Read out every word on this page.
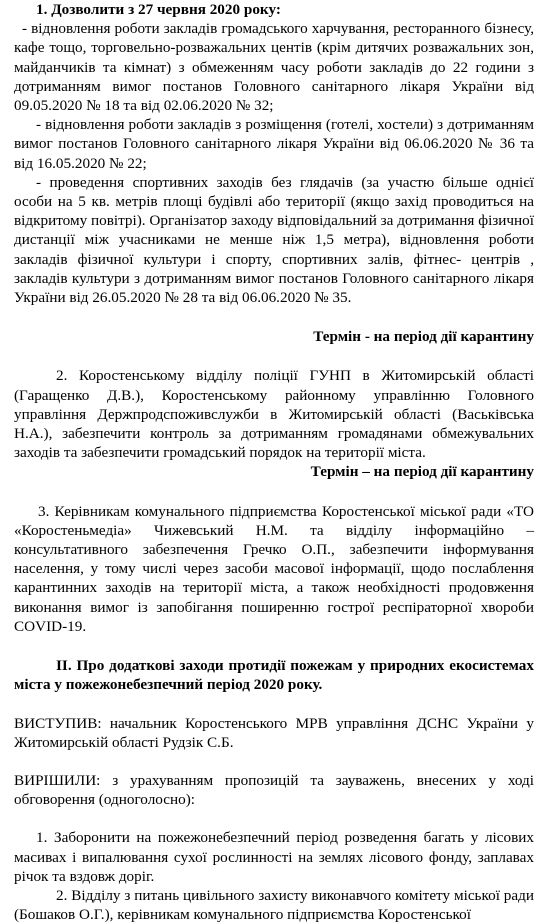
1. Дозволити з 27 червня 2020 року:

- відновлення роботи закладів громадського харчування, ресторанного бізнесу, кафе тощо, торговельно-розважальних центів (крім дитячих розважальних зон, майданчиків та кімнат) з обмеженням часу роботи закладів до 22 години з дотриманням вимог постанов Головного санітарного лікаря України від 09.05.2020 № 18 та від 02.06.2020 № 32;

- відновлення роботи закладів з розміщення (готелі, хостели) з дотриманням вимог постанов Головного санітарного лікаря України від 06.06.2020 № 36 та від 16.05.2020 № 22;

- проведення спортивних заходів без глядачів (за участю більше однієї особи на 5 кв. метрів площі будівлі або території (якщо захід проводиться на відкритому повітрі). Організатор заходу відповідальний за дотримання фізичної дистанції між учасниками не менше ніж 1,5 метра), відновлення роботи закладів фізичної культури і спорту, спортивних залів, фітнес- центрів , закладів культури з дотриманням вимог постанов Головного санітарного лікаря України від 26.05.2020 № 28 та від 06.06.2020 № 35.

Термін - на період дії карантину

2. Коростенському відділу поліції ГУНП в Житомирській області (Гаращенко Д.В.), Коростенському районному управлінню Головного управління Держпродспоживслужби в Житомирській області (Васьківська Н.А.), забезпечити контроль за дотриманням громадянами обмежувальних заходів та забезпечити громадський порядок на території міста.

Термін – на період дії карантину

3. Керівникам комунального підприємства Коростенської міської ради «ТО «Коростеньмедіа» Чижевський Н.М. та відділу інформаційно – консультативного забезпечення Гречко О.П., забезпечити інформування населення, у тому числі через засоби масової інформації, щодо послаблення карантинних заходів на території міста, а також необхідності продовження виконання вимог із запобігання поширенню гострої респіраторної хвороби COVID-19.

ІІ. Про додаткові заходи протидії пожежам у природних екосистемах міста у пожежонебезпечний період 2020 року.

ВИСТУПИВ: начальник Коростенського МРВ управління ДСНС України у Житомирській області Рудзік С.Б.

ВИРІШИЛИ: з урахуванням пропозицій та зауважень, внесених у ході обговорення (одноголосно):

1. Заборонити на пожежонебезпечний період розведення багать у лісових масивах і випалювання сухої рослинності на землях лісового фонду, заплавах річок та вздовж доріг.

2. Відділу з питань цивільного захисту виконавчого комітету міської ради (Бошаков О.Г.), керівникам комунального підприємства Коростенської
